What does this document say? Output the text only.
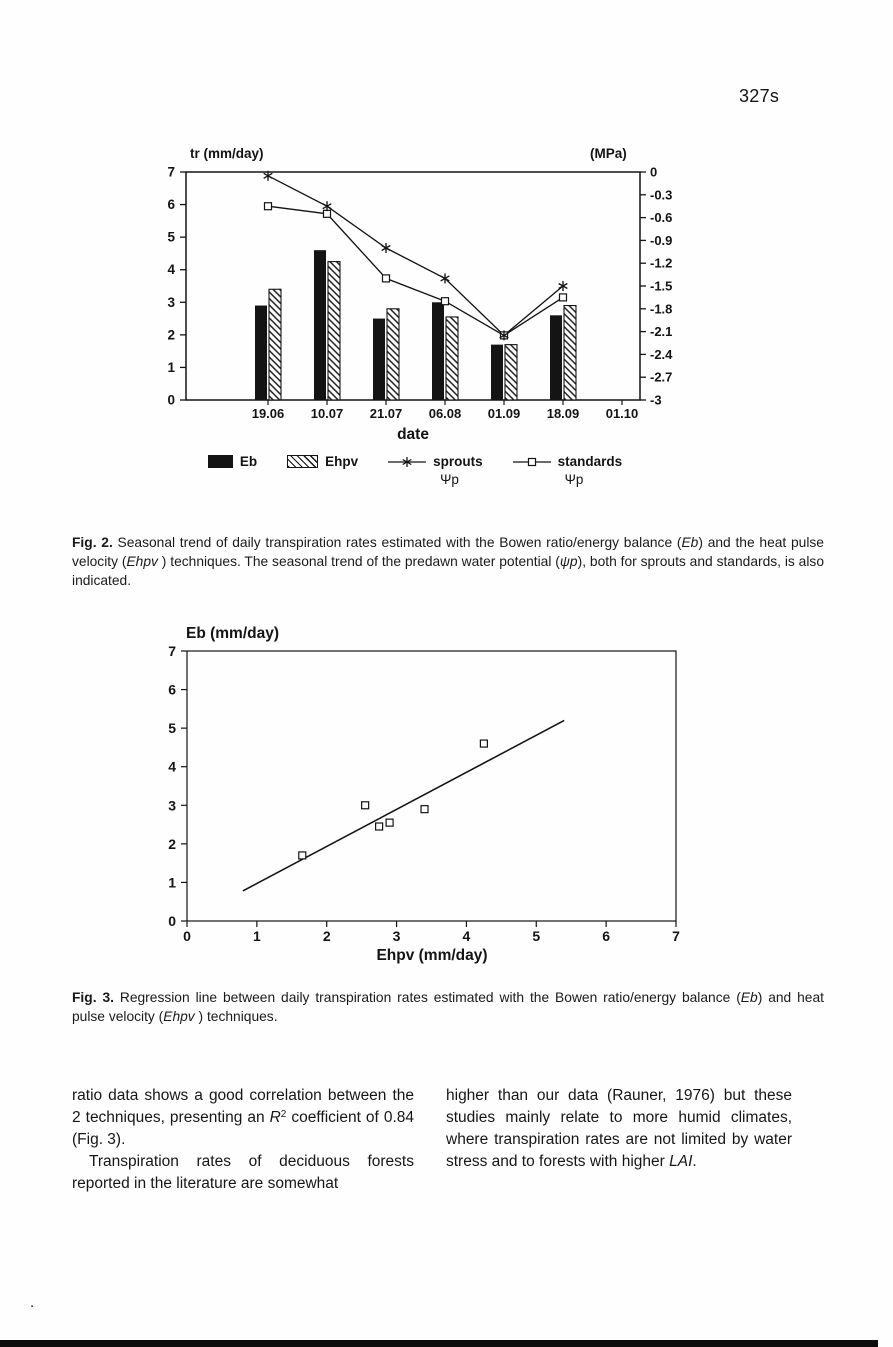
327s
tr (mm/day)	(MPa)
date
7
6
5
4
3
2
1
0
0
-0.3
-0.6
-0.9
-1.2
-1.5
-1.8
-2.1
-2.4
-2.7
-3
19.06 10.07 21.07 06.08 01.09 18.09 01.10
Eb	Ehpv	sprouts
Ψp
standards
Ψp
Fig. 2. Seasonal trend of daily transpiration rates estimated with the Bowen ratio/energy balance (Eb) and the heat pulse velocity (Ehpv ) techniques. The seasonal trend of the predawn water potential (ψp), both for sprouts and standards, is also indicated.
Eb (mm/day)
Ehpv (mm/day)
0
1
2
3
4
5
6
7
0	1	2	3	4	5	6	7
Fig. 3. Regression line between daily transpiration rates estimated with the Bowen ratio/energy balance (Eb) and heat pulse velocity (Ehpv ) techniques.

ratio data shows a good correlation between the 2 techniques, presenting an $R^2$ coefficient of 0.84 (Fig. 3).

Transpiration rates of deciduous forests reported in the literature are somewhat

higher than our data (Rauner, 1976) but these studies mainly relate to more humid climates, where transpiration rates are not limited by water stress and to forests with higher LAI.

.
